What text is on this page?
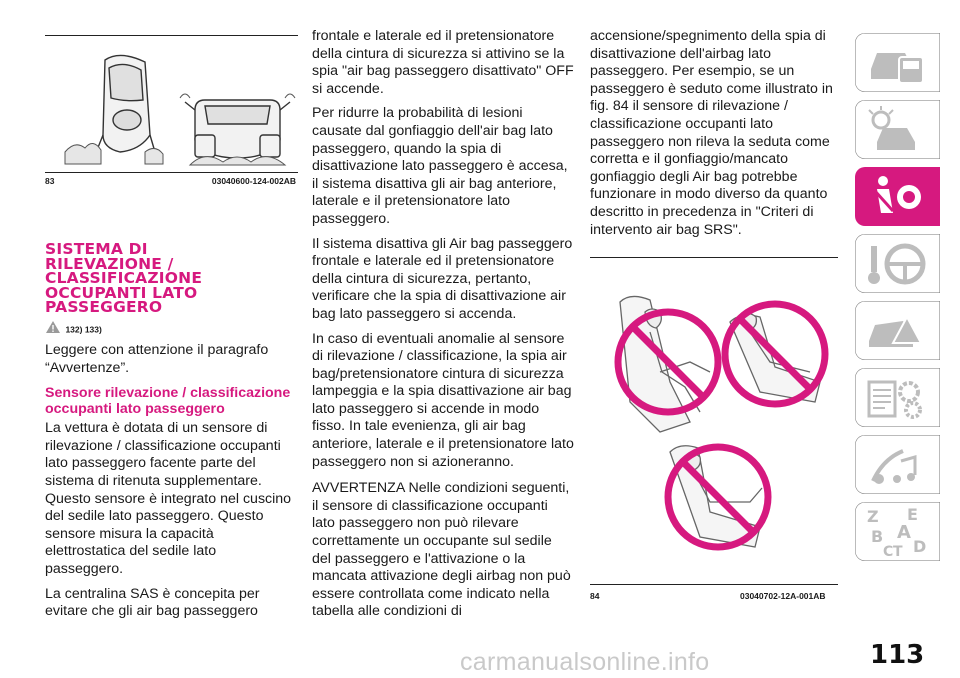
83	03040600-124-002AB
SISTEMA DI
RILEVAZIONE /
CLASSIFICAZIONE
OCCUPANTI LATO
PASSEGGERO
132) 133)

Leggere con attenzione il paragrafo “Avvertenze”.

Sensore rilevazione / classificazione occupanti lato passeggero

La vettura è dotata di un sensore di rilevazione / classificazione occupanti lato passeggero facente parte del sistema di ritenuta supplementare. Questo sensore è integrato nel cuscino del sedile lato passeggero. Questo sensore misura la capacità elettrostatica del sedile lato passeggero.

La centralina SAS è concepita per evitare che gli air bag passeggero

frontale e laterale ed il pretensionatore della cintura di sicurezza si attivino se la spia "air bag passeggero disattivato" OFF si accende.

Per ridurre la probabilità di lesioni causate dal gonfiaggio dell'air bag lato passeggero, quando la spia di disattivazione lato passeggero è accesa, il sistema disattiva gli air bag anteriore, laterale e il pretensionatore lato passeggero.

Il sistema disattiva gli Air bag passeggero frontale e laterale ed il pretensionatore della cintura di sicurezza, pertanto, verificare che la spia di disattivazione air bag lato passeggero si accenda.

In caso di eventuali anomalie al sensore di rilevazione / classificazione, la spia air bag/pretensionatore cintura di sicurezza lampeggia e la spia disattivazione air bag lato passeggero si accende in modo fisso. In tale evenienza, gli air bag anteriore, laterale e il pretensionatore lato passeggero non si azioneranno.

AVVERTENZA Nelle condizioni seguenti, il sensore di classificazione occupanti lato passeggero non può rilevare correttamente un occupante sul sedile del passeggero e l'attivazione o la mancata attivazione degli airbag non può essere controllata come indicato nella tabella alle condizioni di

accensione/spegnimento della spia di disattivazione dell'airbag lato passeggero. Per esempio, se un passeggero è seduto come illustrato in fig. 84 il sensore di rilevazione / classificazione occupanti lato passeggero non rileva la seduta come corretta e il gonfiaggio/mancato gonfiaggio degli Air bag potrebbe funzionare in modo diverso da quanto descritto in precedenza in "Criteri di intervento air bag SRS".

84	03040702-12A-001AB
Z E
B A
C T D
113
carmanualsonline.info
